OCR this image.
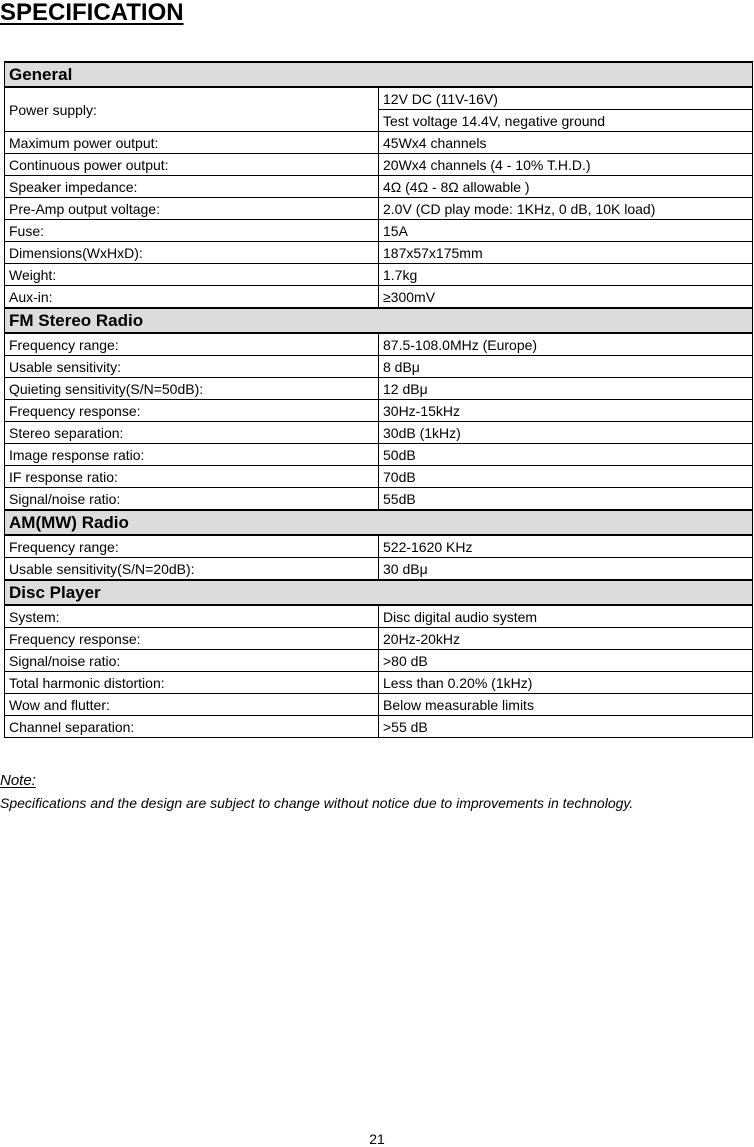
SPECIFICATION
General	
Power supply:	12V DC (11V-16V)
	Test voltage 14.4V, negative ground
Maximum power output:	45Wx4 channels
Continuous power output:	20Wx4 channels (4 - 10% T.H.D.)
Speaker impedance:	4Ω (4Ω - 8Ω allowable )
Pre-Amp output voltage:	2.0V (CD play mode: 1KHz, 0 dB, 10K load)
Fuse:	15A
Dimensions(WxHxD):	187x57x175mm
Weight:	1.7kg
Aux-in:	≥300mV
FM Stereo Radio	
Frequency range:	87.5-108.0MHz (Europe)
Usable sensitivity:	8 dBμ
Quieting sensitivity(S/N=50dB):	12 dBμ
Frequency response:	30Hz-15kHz
Stereo separation:	30dB (1kHz)
Image response ratio:	50dB
IF response ratio:	70dB
Signal/noise ratio:	55dB
AM(MW) Radio	
Frequency range:	522-1620 KHz
Usable sensitivity(S/N=20dB):	30 dBμ
Disc Player	
System:	Disc digital audio system
Frequency response:	20Hz-20kHz
Signal/noise ratio:	>80 dB
Total harmonic distortion:	Less than 0.20% (1kHz)
Wow and flutter:	Below measurable limits
Channel separation:	>55 dB

Note:

Specifications and the design are subject to change without notice due to improvements in technology.

21
